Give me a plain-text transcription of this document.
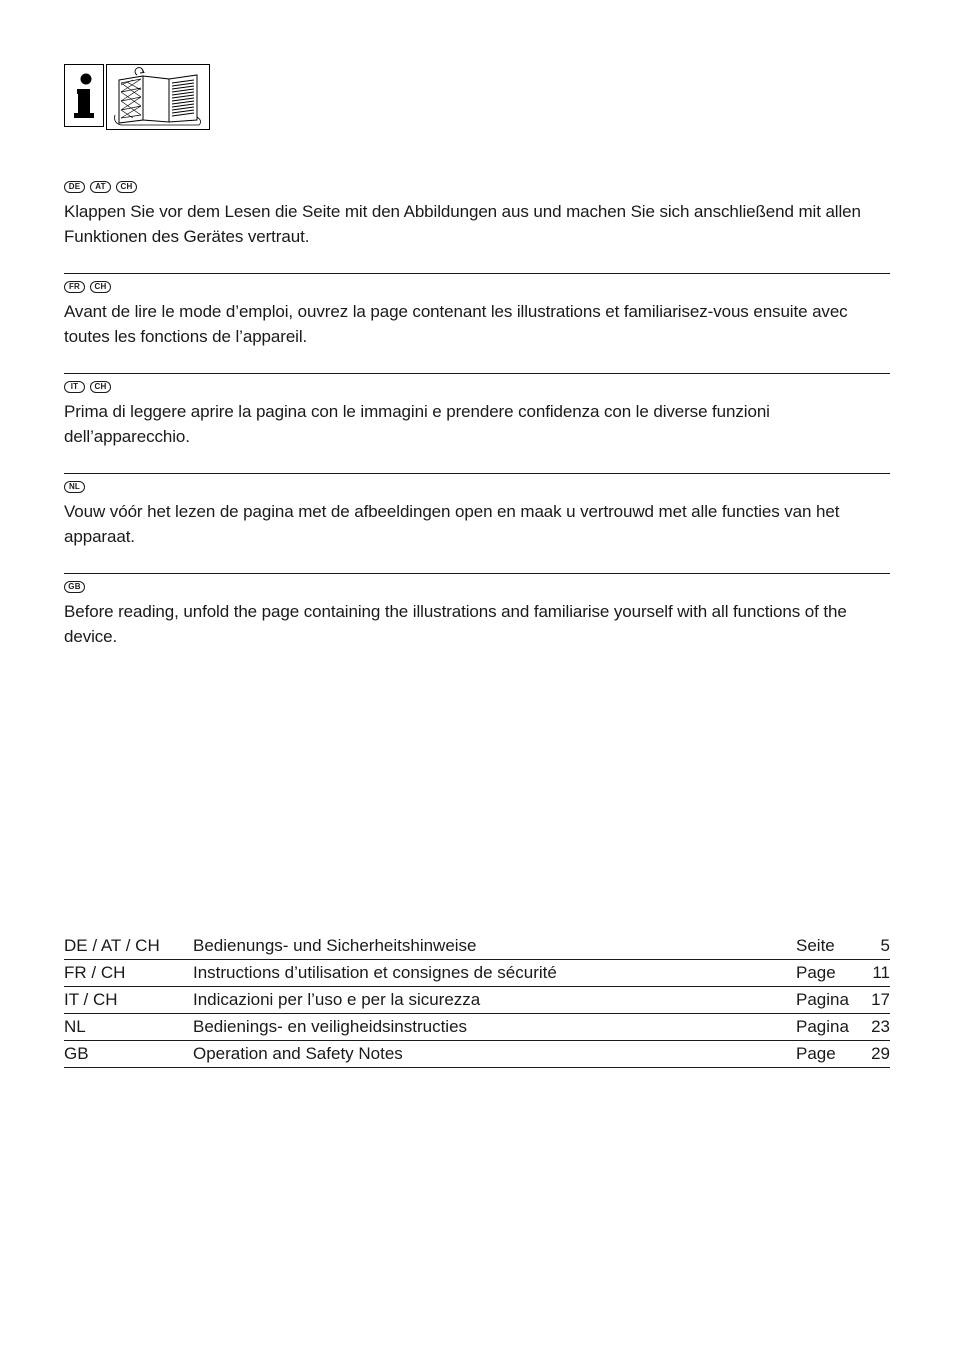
DE	AT	CH

Klappen Sie vor dem Lesen die Seite mit den Abbildungen aus und machen Sie sich anschließend mit allen Funktionen des Gerätes vertraut.

FR	CH

Avant de lire le mode d’emploi, ouvrez la page contenant les illustrations et familiarisez-vous ensuite avec toutes les fonctions de l’appareil.

IT	CH

Prima di leggere aprire la pagina con le immagini e prendere confidenza con le diverse funzioni dell’apparecchio.

NL

Vouw vóór het lezen de pagina met de afbeeldingen open en maak u vertrouwd met alle functies van het apparaat.

GB

Before reading, unfold the page containing the illustrations and familiarise yourself with all functions of the device.

DE / AT / CH	Bedienungs- und Sicherheitshinweise	Seite	5
FR / CH	Instructions d’utilisation et consignes de sécurité	Page	11
IT / CH	Indicazioni per l’uso e per la sicurezza	Pagina	17
NL	Bedienings- en veiligheidsinstructies	Pagina	23
GB	Operation and Safety Notes	Page	29
